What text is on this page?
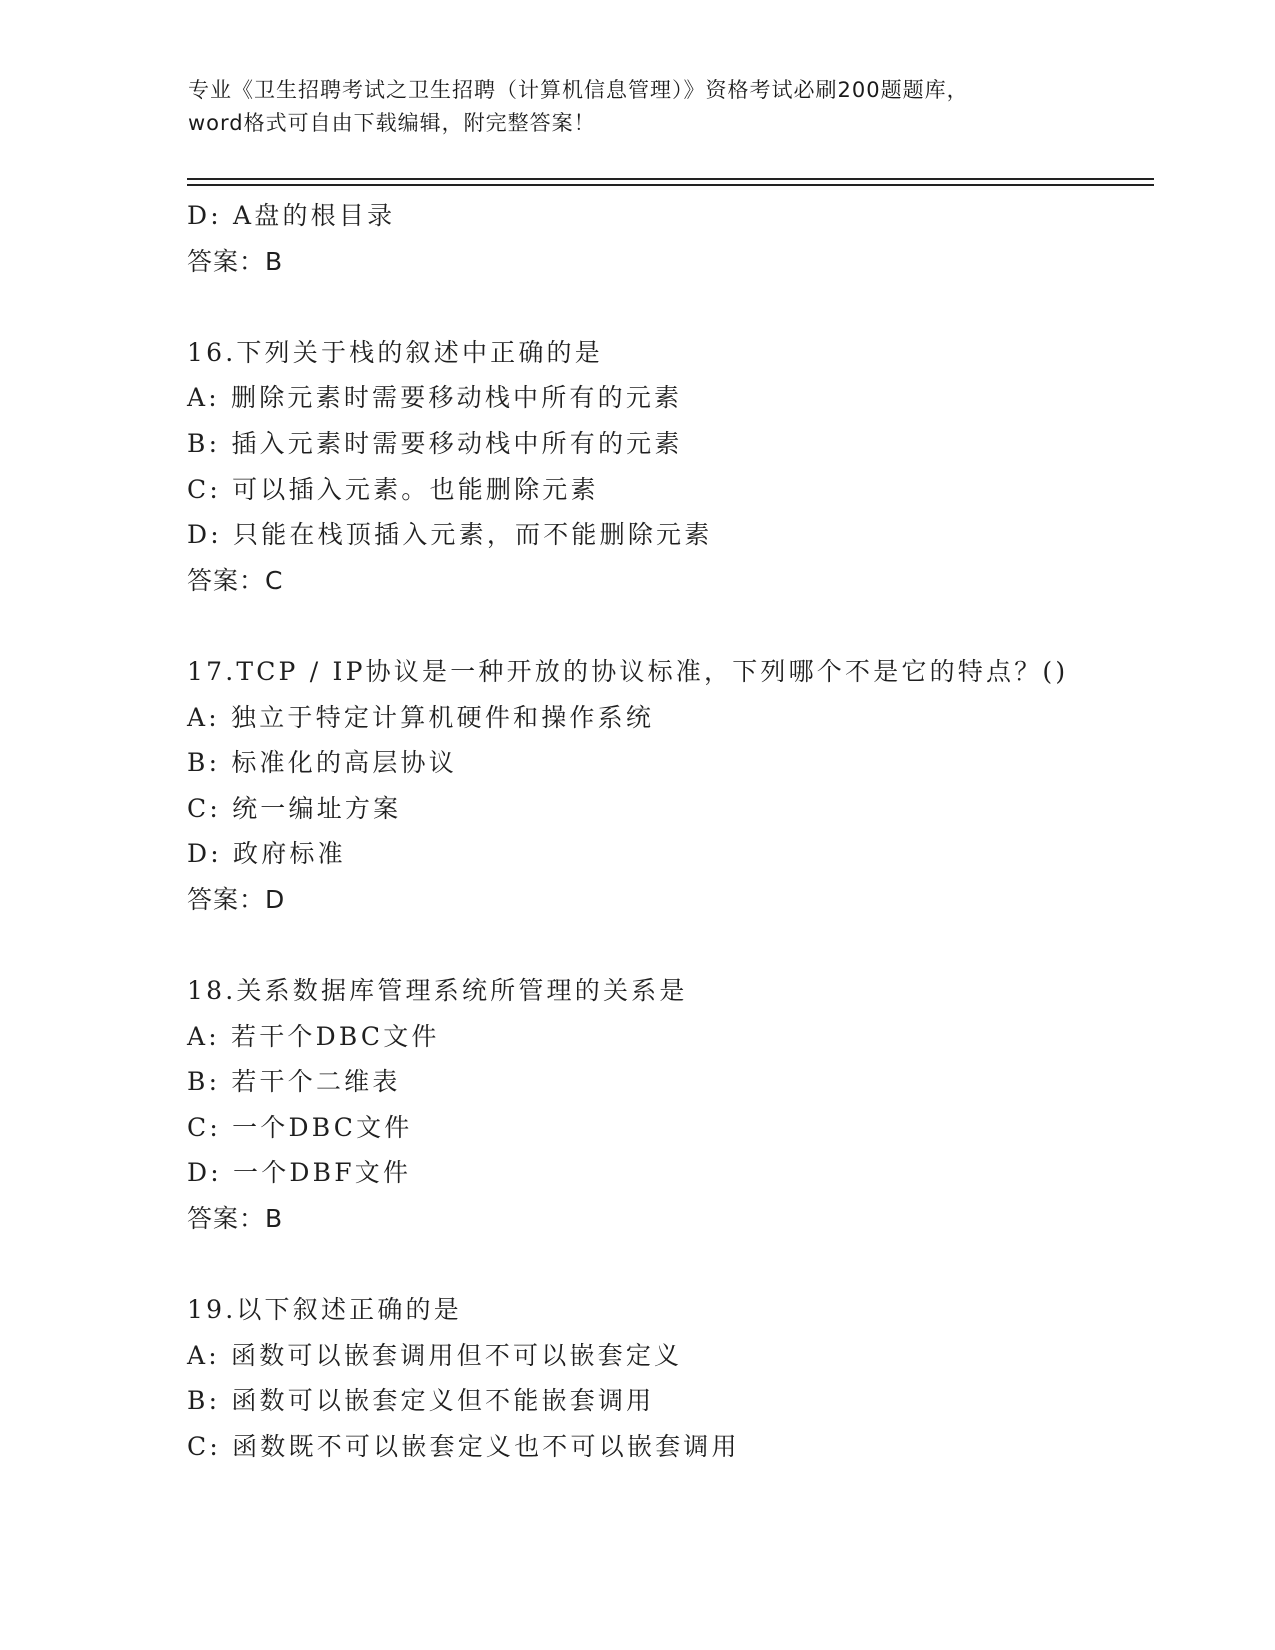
专业《卫生招聘考试之卫生招聘（计算机信息管理）》资格考试必刷200题题库，
word格式可自由下载编辑，附完整答案！
D: A盘的根目录
答案：B
16.下列关于栈的叙述中正确的是
A: 删除元素时需要移动栈中所有的元素
B: 插入元素时需要移动栈中所有的元素
C: 可以插入元素。也能删除元素
D: 只能在栈顶插入元素，而不能删除元素
答案：C
17.TCP / IP协议是一种开放的协议标准，下列哪个不是它的特点？()
A: 独立于特定计算机硬件和操作系统
B: 标准化的高层协议
C: 统一编址方案
D: 政府标准
答案：D
18.关系数据库管理系统所管理的关系是
A: 若干个DBC文件
B: 若干个二维表
C: 一个DBC文件
D: 一个DBF文件
答案：B
19.以下叙述正确的是
A: 函数可以嵌套调用但不可以嵌套定义
B: 函数可以嵌套定义但不能嵌套调用
C: 函数既不可以嵌套定义也不可以嵌套调用
